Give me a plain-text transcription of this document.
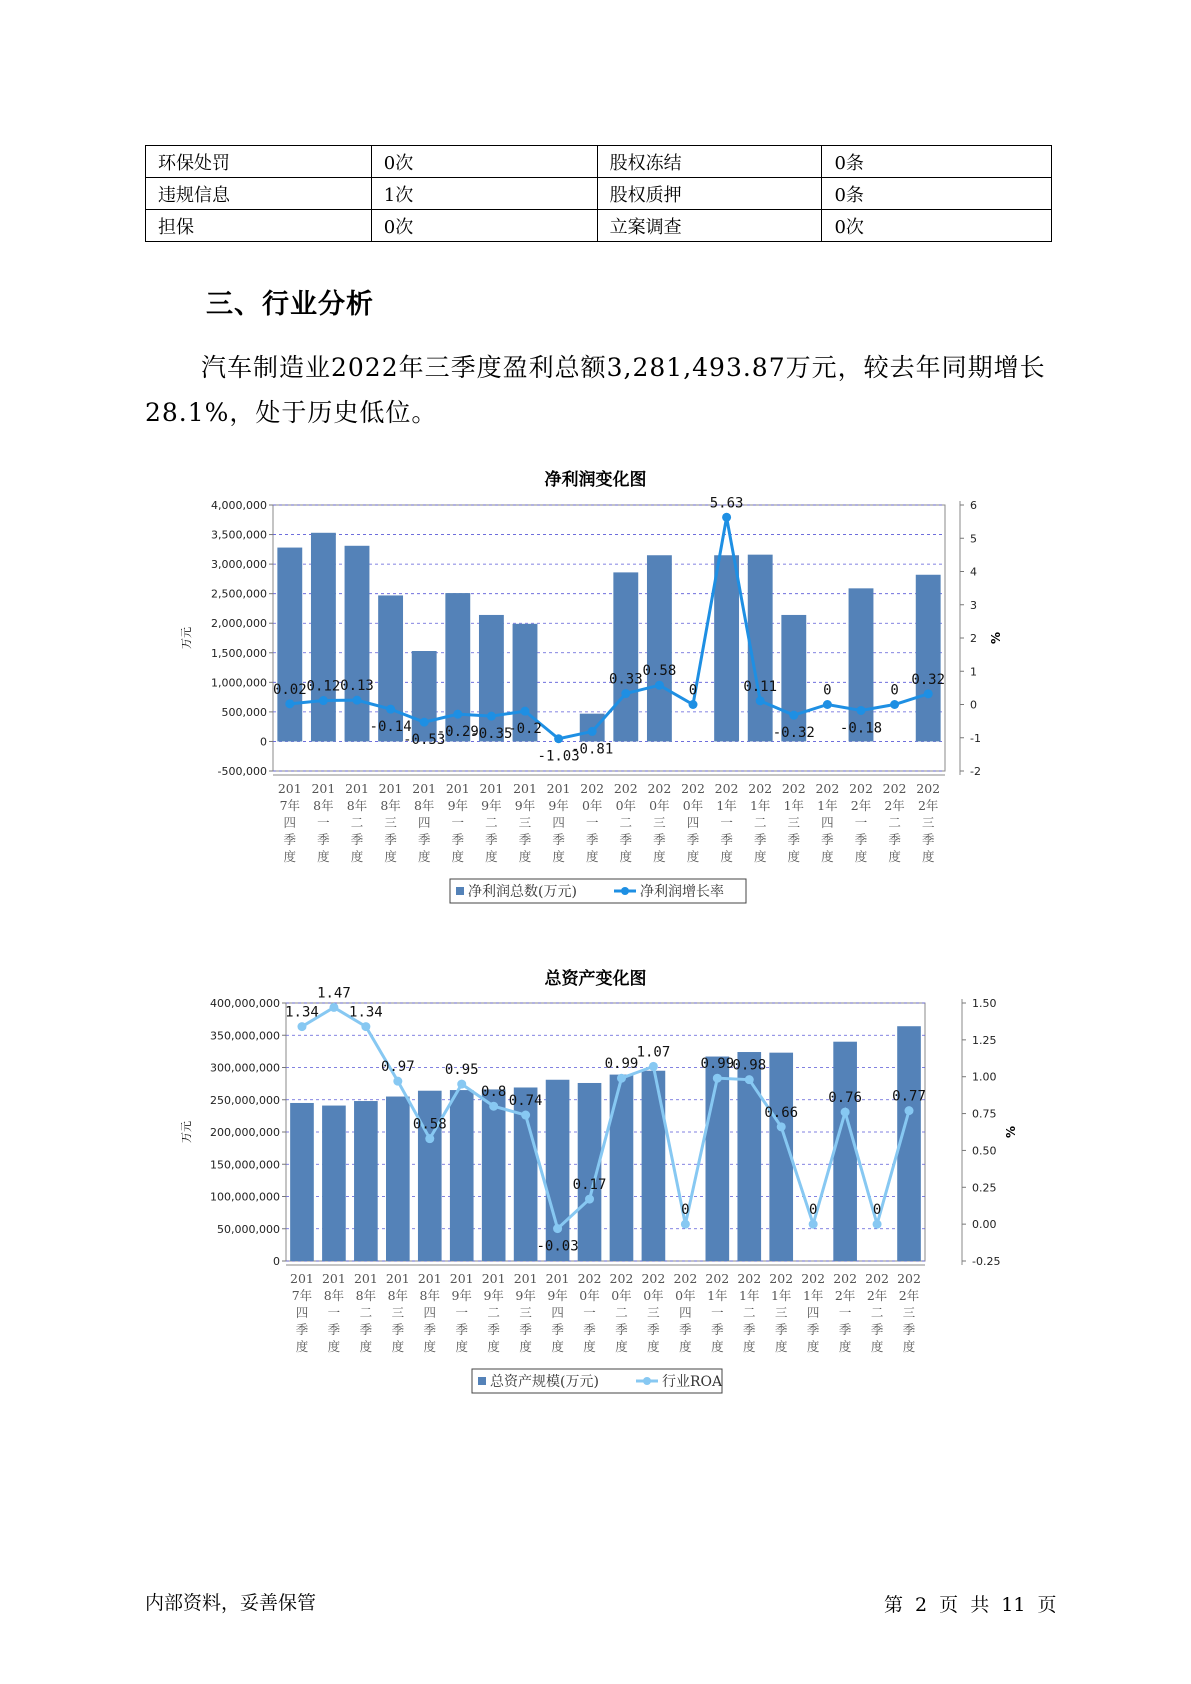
环保处罚	0次	股权冻结	0条
违规信息	1次	股权质押	0条
担保	0次	立案调查	0次
三、行业分析

汽车制造业2022年三季度盈利总额3,281,493.87万元，较去年同期增长28.1%，处于历史低位。

净利润变化图
4,000,000
3,500,000
3,000,000
2,500,000
2,000,000
1,500,000
1,000,000
500,000
0
-500,000
6
5
4
3
2
1
0
-1
-2
万元	%
0.02 0.12 0.13
-0.14
-0.53
-0.29
-0.35
-0.2
-1.03
-0.81
0.33
0.58
0
5.63
0.11
-0.32
0
-0.18
0
0.32
201
7年
四
季
度
201
8年
一
季
度
201
8年
二
季
度
201
8年
三
季
度
201
8年
四
季
度
201
9年
一
季
度
201
9年
二
季
度
201
9年
三
季
度
201
9年
四
季
度
202
0年
一
季
度
202
0年
二
季
度
202
0年
三
季
度
202
0年
四
季
度
202
1年
一
季
度
202
1年
二
季
度
202
1年
三
季
度
202
1年
四
季
度
202
2年
一
季
度
202
2年
二
季
度
202
2年
三
季
度
净利润总数(万元)	净利润增长率
总资产变化图
400,000,000
350,000,000
300,000,000
250,000,000
200,000,000
150,000,000
100,000,000
50,000,000
0
1.50
1.25
1.00
0.75
0.50
0.25
0.00
-0.25
万元	%
1.34
1.47
1.34
0.97
0.58
0.95
0.8
0.74
-0.03
0.17
0.99
1.07
0
0.99
0.98
0.66
0
0.76
0
0.77
201
7年
四
季
度
201
8年
一
季
度
201
8年
二
季
度
201
8年
三
季
度
201
8年
四
季
度
201
9年
一
季
度
201
9年
二
季
度
201
9年
三
季
度
201
9年
四
季
度
202
0年
一
季
度
202
0年
二
季
度
202
0年
三
季
度
202
0年
四
季
度
202
1年
一
季
度
202
1年
二
季
度
202
1年
三
季
度
202
1年
四
季
度
202
2年
一
季
度
202
2年
二
季
度
202
2年
三
季
度
总资产规模(万元)	行业ROA
内部资料，妥善保管	第 2 页 共 11 页
